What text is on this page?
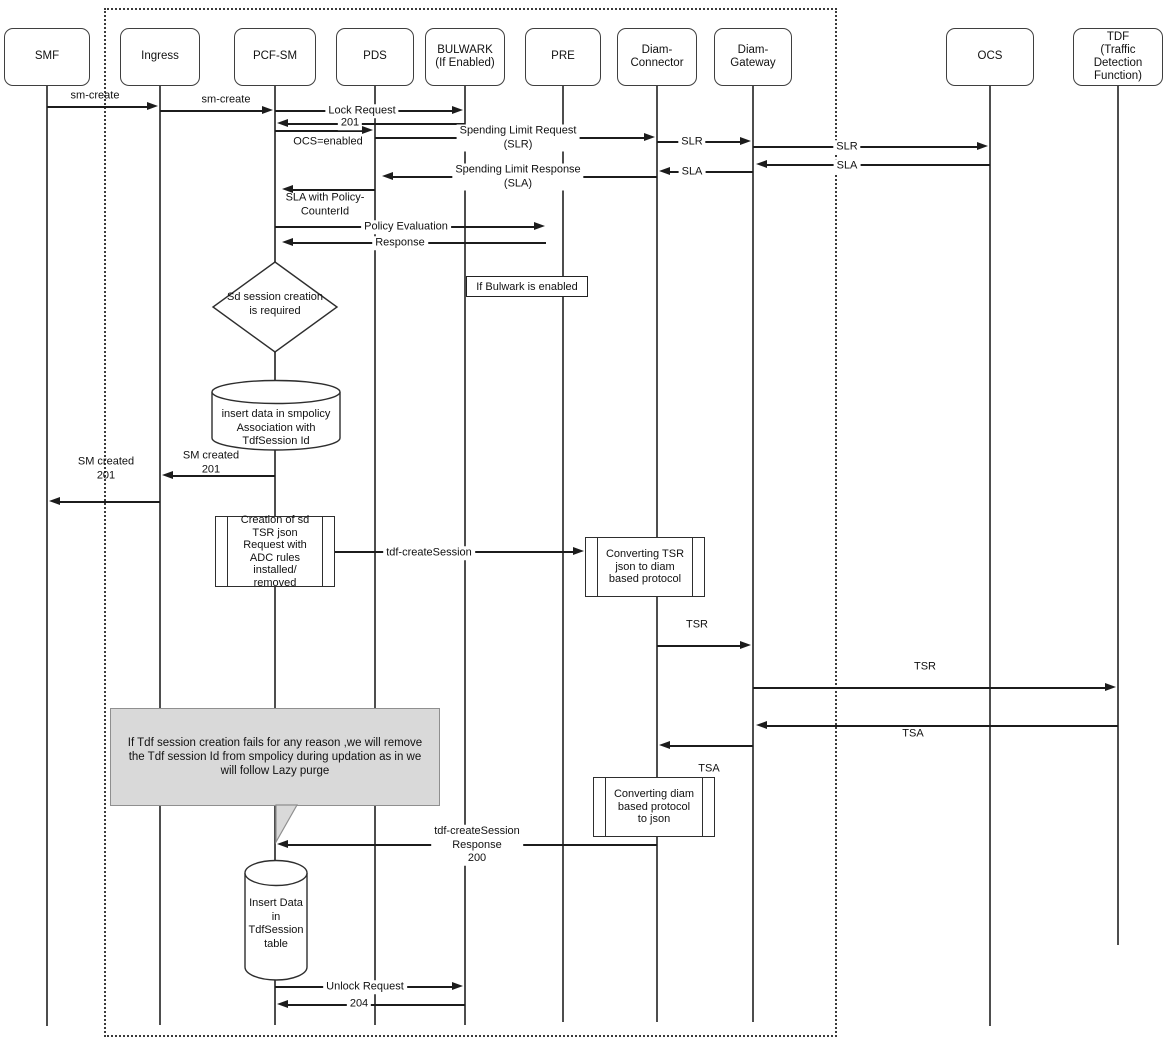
Sd session creation
is required
If Bulwark is enabled
insert data in smpolicy
Association with
TdfSession Id
Creation of sd
TSR json
Request with
ADC rules
installed/
removed
Converting TSR
json to diam
based protocol
Converting diam
based protocol
to json
If Tdf session creation fails for any reason ,we will remove
the Tdf session Id from smpolicy during updation as in we
will follow Lazy purge
Insert Data
in
TdfSession
table
SMF	Ingress	PCF-SM	PDS
BULWARK
(If Enabled)
PRE
Diam-
Connector
Diam-
Gateway
OCS
TDF
(Traffic
Detection
Function)
sm-create	sm-create
Lock Request
201
OCS=enabled
Spending Limit Request
(SLR)	SLR	SLR
SLA
SLA
Spending Limit Response
(SLA)
SLA with Policy-
CounterId
Policy Evaluation
Response
SM created
201
SM created
201
tdf-createSession
TSR
TSR
TSA
TSA
tdf-createSession
Response
200
Unlock Request
204
